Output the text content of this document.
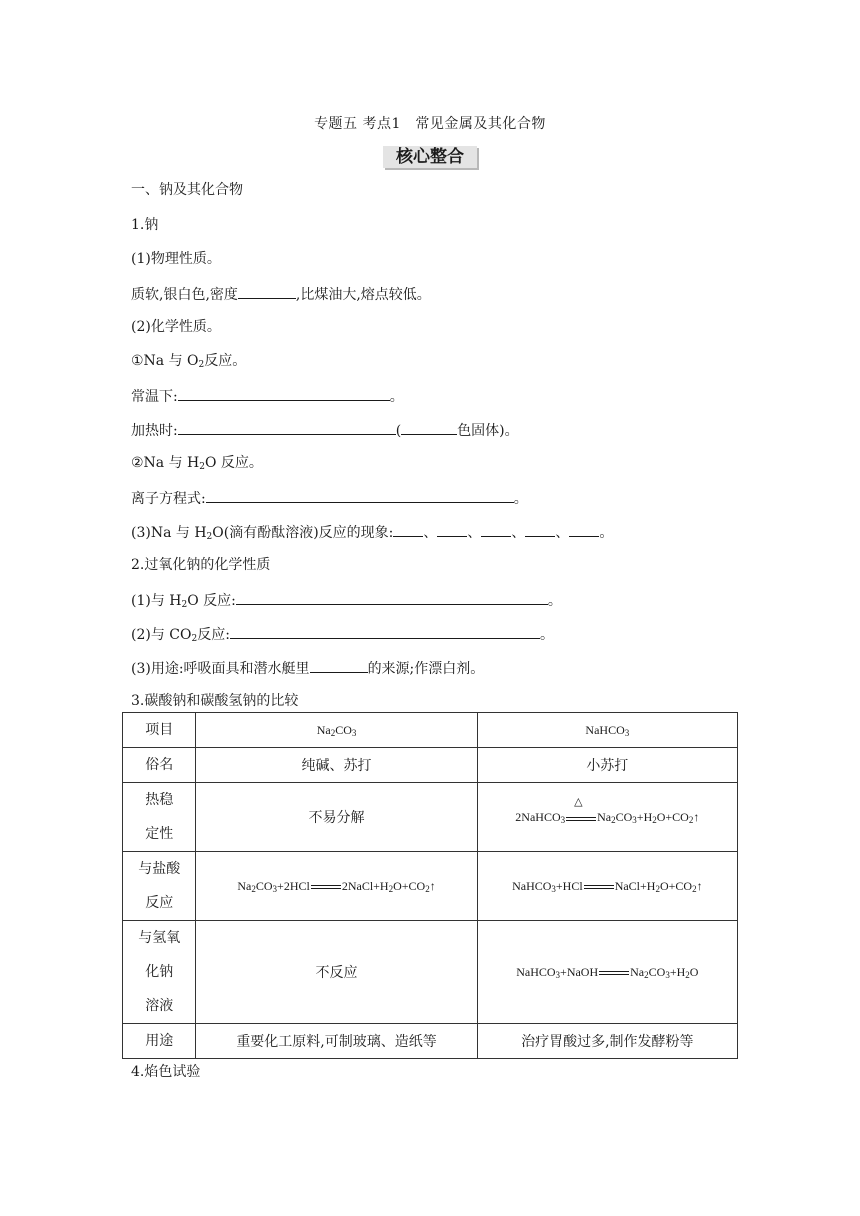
专题五 考点1　常见金属及其化合物
核心整合
一、钠及其化合物
1.钠
(1)物理性质。
质软,银白色,密度	,比煤油大,熔点较低。
(2)化学性质。
①Na 与 $O_2$反应。
常温下:	。
加热时:	(	色固体)。
②Na 与 $H_2O$ 反应。
离子方程式:	。
(3)Na 与 $H_2O$(滴有酚酞溶液)反应的现象: 、 、 、 、 。
2.过氧化钠的化学性质
(1)与 $H_2O$ 反应:	。
(2)与 $CO_2$反应:	。
(3)用途:呼吸面具和潜水艇里	的来源;作漂白剂。
3.碳酸钠和碳酸氢钠的比较
项目	$Na_2CO_3$	NaHCO$_3$
俗名	纯碱、苏打	小苏打
热稳
定性	不易分解	2NaHCO$_3$
△
$Na_2CO_3+H_2O+CO_2↑$
与盐酸
反应	$Na_2CO_3+2HCl$ $2NaCl+H_2O+CO_2↑$	NaHCO$_3$+HCl $NaCl+H_2O+CO_2↑$
与氢氧
化钠
溶液	不反应	NaHCO$_3$+NaOH $Na_2CO_3+H_2O$
用途	重要化工原料,可制玻璃、造纸等	治疗胃酸过多,制作发酵粉等
4.焰色试验
